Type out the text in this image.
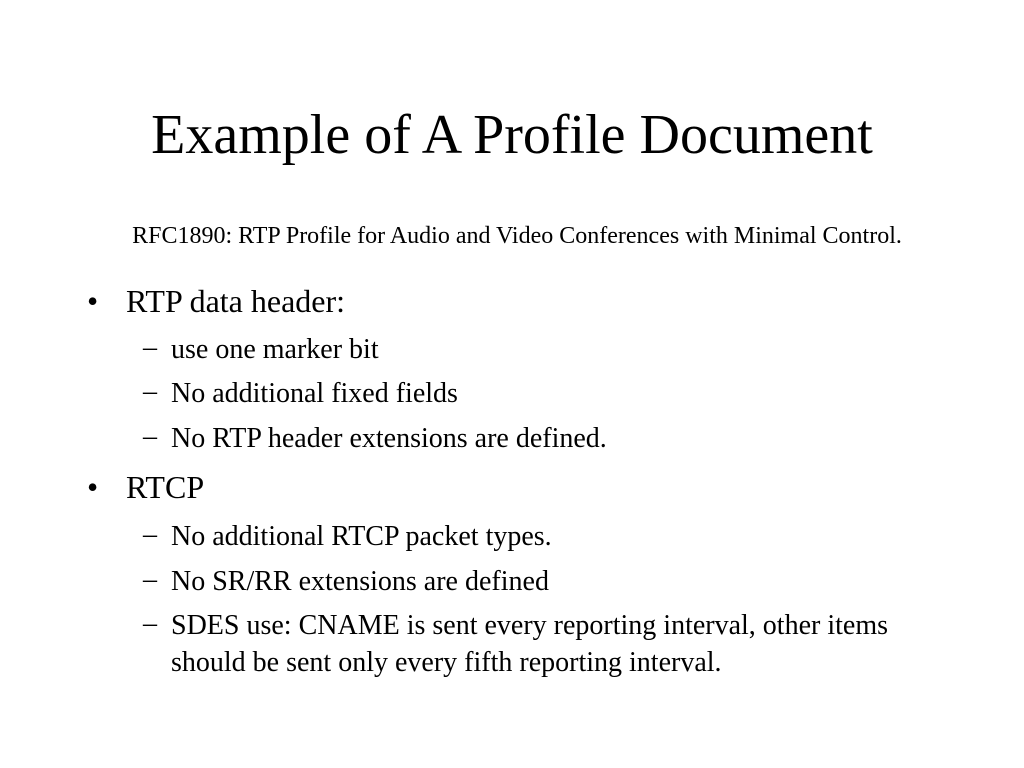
Example of A Profile Document
RFC1890: RTP Profile for Audio and Video Conferences with Minimal Control.
• RTP data header:
– use one marker bit
– No additional fixed fields
– No RTP header extensions are defined.
• RTCP
– No additional RTCP packet types.
– No SR/RR extensions are defined
– SDES use: CNAME is sent every reporting interval, other items should be sent only every fifth reporting interval.
